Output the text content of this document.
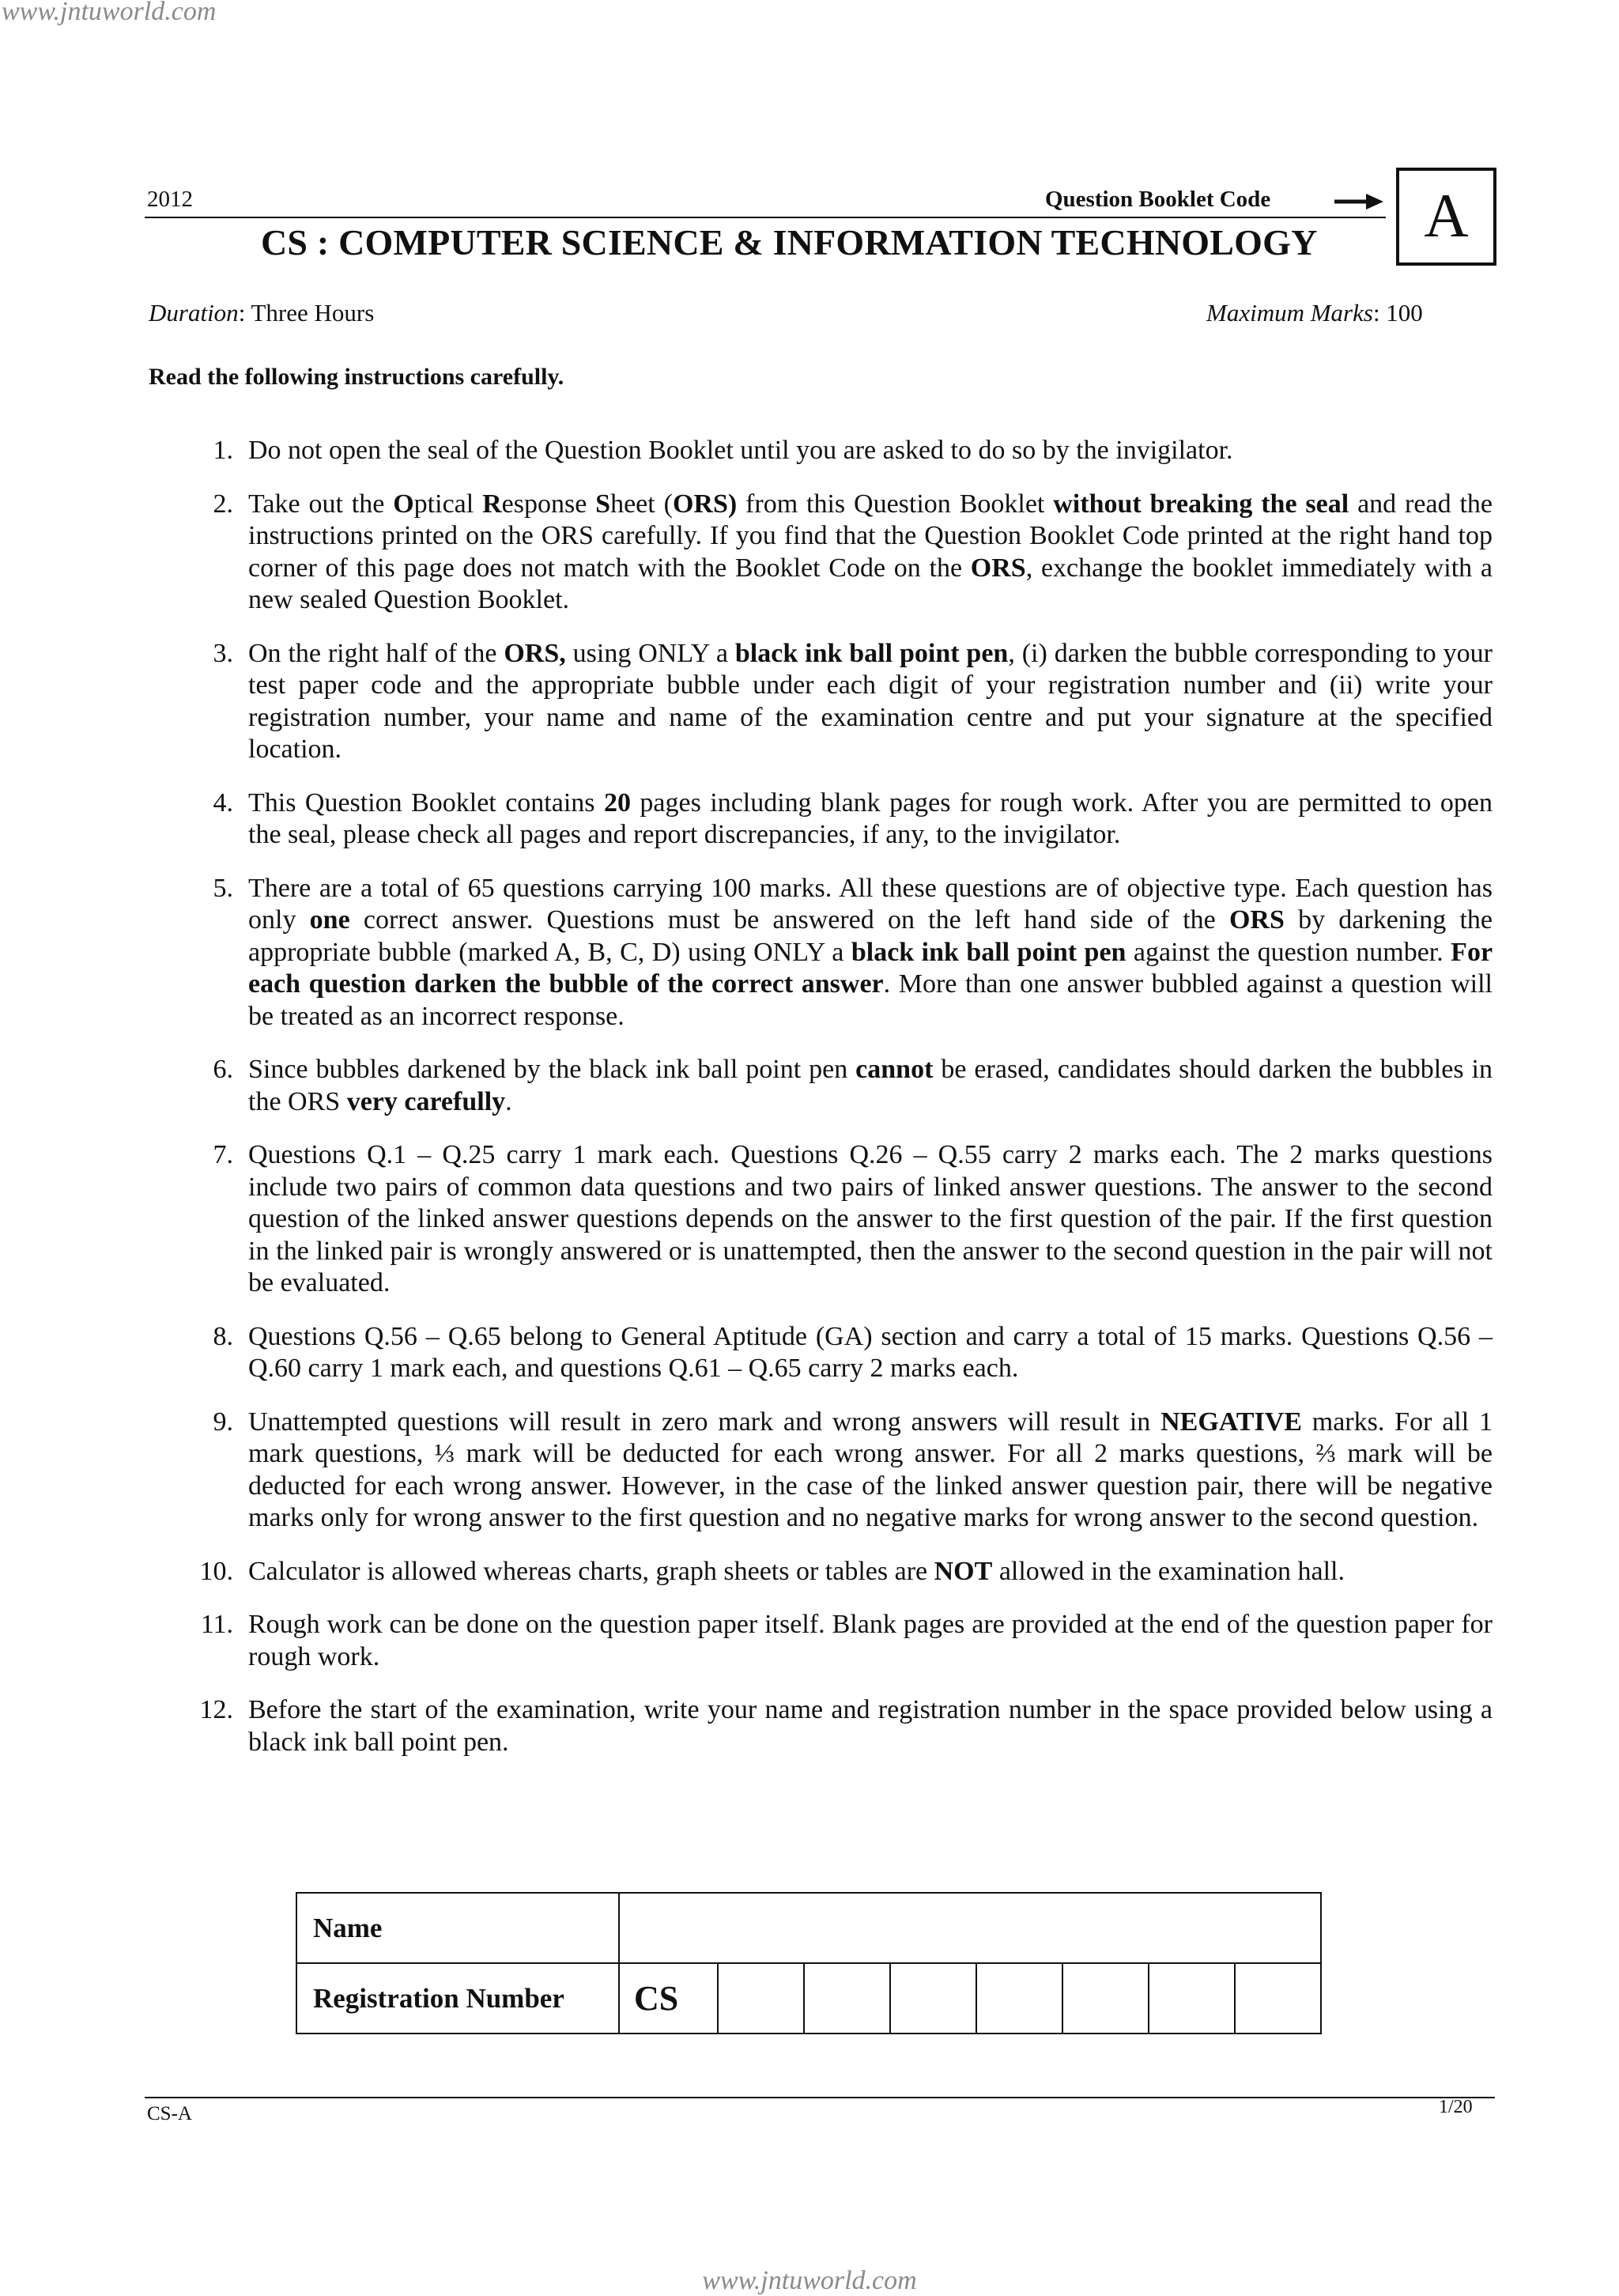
www.jntuworld.com
2012	Question Booklet Code	A
CS : COMPUTER SCIENCE & INFORMATION TECHNOLOGY
Duration: Three Hours	Maximum Marks: 100
Read the following instructions carefully.
1. Do not open the seal of the Question Booklet until you are asked to do so by the invigilator.
2. Take out the Optical Response Sheet (ORS) from this Question Booklet without breaking the seal and read the instructions printed on the ORS carefully. If you find that the Question Booklet Code printed at the right hand top corner of this page does not match with the Booklet Code on the ORS, exchange the booklet immediately with a new sealed Question Booklet.
3. On the right half of the ORS, using ONLY a black ink ball point pen, (i) darken the bubble corresponding to your test paper code and the appropriate bubble under each digit of your registration number and (ii) write your registration number, your name and name of the examination centre and put your signature at the specified location.
4. This Question Booklet contains 20 pages including blank pages for rough work. After you are permitted to open the seal, please check all pages and report discrepancies, if any, to the invigilator.
5. There are a total of 65 questions carrying 100 marks. All these questions are of objective type. Each question has only one correct answer. Questions must be answered on the left hand side of the ORS by darkening the appropriate bubble (marked A, B, C, D) using ONLY a black ink ball point pen against the question number. For each question darken the bubble of the correct answer. More than one answer bubbled against a question will be treated as an incorrect response.
6. Since bubbles darkened by the black ink ball point pen cannot be erased, candidates should darken the bubbles in the ORS very carefully.
7. Questions Q.1 – Q.25 carry 1 mark each. Questions Q.26 – Q.55 carry 2 marks each. The 2 marks questions include two pairs of common data questions and two pairs of linked answer questions. The answer to the second question of the linked answer questions depends on the answer to the first question of the pair. If the first question in the linked pair is wrongly answered or is unattempted, then the answer to the second question in the pair will not be evaluated.
8. Questions Q.56 – Q.65 belong to General Aptitude (GA) section and carry a total of 15 marks. Questions Q.56 – Q.60 carry 1 mark each, and questions Q.61 – Q.65 carry 2 marks each.
9. Unattempted questions will result in zero mark and wrong answers will result in NEGATIVE marks. For all 1 mark questions, ⅓ mark will be deducted for each wrong answer. For all 2 marks questions, ⅔ mark will be deducted for each wrong answer. However, in the case of the linked answer question pair, there will be negative marks only for wrong answer to the first question and no negative marks for wrong answer to the second question.
10. Calculator is allowed whereas charts, graph sheets or tables are NOT allowed in the examination hall.
11. Rough work can be done on the question paper itself. Blank pages are provided at the end of the question paper for rough work.
12. Before the start of the examination, write your name and registration number in the space provided below using a black ink ball point pen.
Name								
Registration Number	CS							
CS-A	1/20
www.jntuworld.com
